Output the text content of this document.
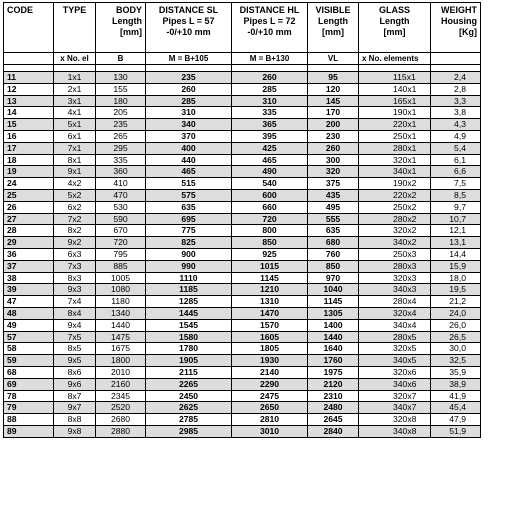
CODE	TYPE	BODY
Length
[mm]	DISTANCE SL
Pipes L = 57
-0/+10 mm	DISTANCE HL
Pipes L = 72
-0/+10 mm	VISIBLE
Length
[mm]	GLASS
Length
[mm]	WEIGHT
Housing
[Kg]
	x No. el	B	M = B+105	M = B+130	VL	x No. elements	

11	1x1	130	235	260	95	115x1	2,4
12	2x1	155	260	285	120	140x1	2,8
13	3x1	180	285	310	145	165x1	3,3
14	4x1	205	310	335	170	190x1	3,8
15	5x1	235	340	365	200	220x1	4,3
16	6x1	265	370	395	230	250x1	4,9
17	7x1	295	400	425	260	280x1	5,4
18	8x1	335	440	465	300	320x1	6,1
19	9x1	360	465	490	320	340x1	6,6
24	4x2	410	515	540	375	190x2	7,5
25	5x2	470	575	600	435	220x2	8,5
26	6x2	530	635	660	495	250x2	9,7
27	7x2	590	695	720	555	280x2	10,7
28	8x2	670	775	800	635	320x2	12,1
29	9x2	720	825	850	680	340x2	13,1
36	6x3	795	900	925	760	250x3	14,4
37	7x3	885	990	1015	850	280x3	15,9
38	8x3	1005	1110	1145	970	320x3	18,0
39	9x3	1080	1185	1210	1040	340x3	19,5
47	7x4	1180	1285	1310	1145	280x4	21,2
48	8x4	1340	1445	1470	1305	320x4	24,0
49	9x4	1440	1545	1570	1400	340x4	26,0
57	7x5	1475	1580	1605	1440	280x5	26,5
58	8x5	1675	1780	1805	1640	320x5	30,0
59	9x5	1800	1905	1930	1760	340x5	32,5
68	8x6	2010	2115	2140	1975	320x6	35,9
69	9x6	2160	2265	2290	2120	340x6	38,9
78	8x7	2345	2450	2475	2310	320x7	41,9
79	9x7	2520	2625	2650	2480	340x7	45,4
88	8x8	2680	2785	2810	2645	320x8	47,9
89	9x8	2880	2985	3010	2840	340x8	51,9
